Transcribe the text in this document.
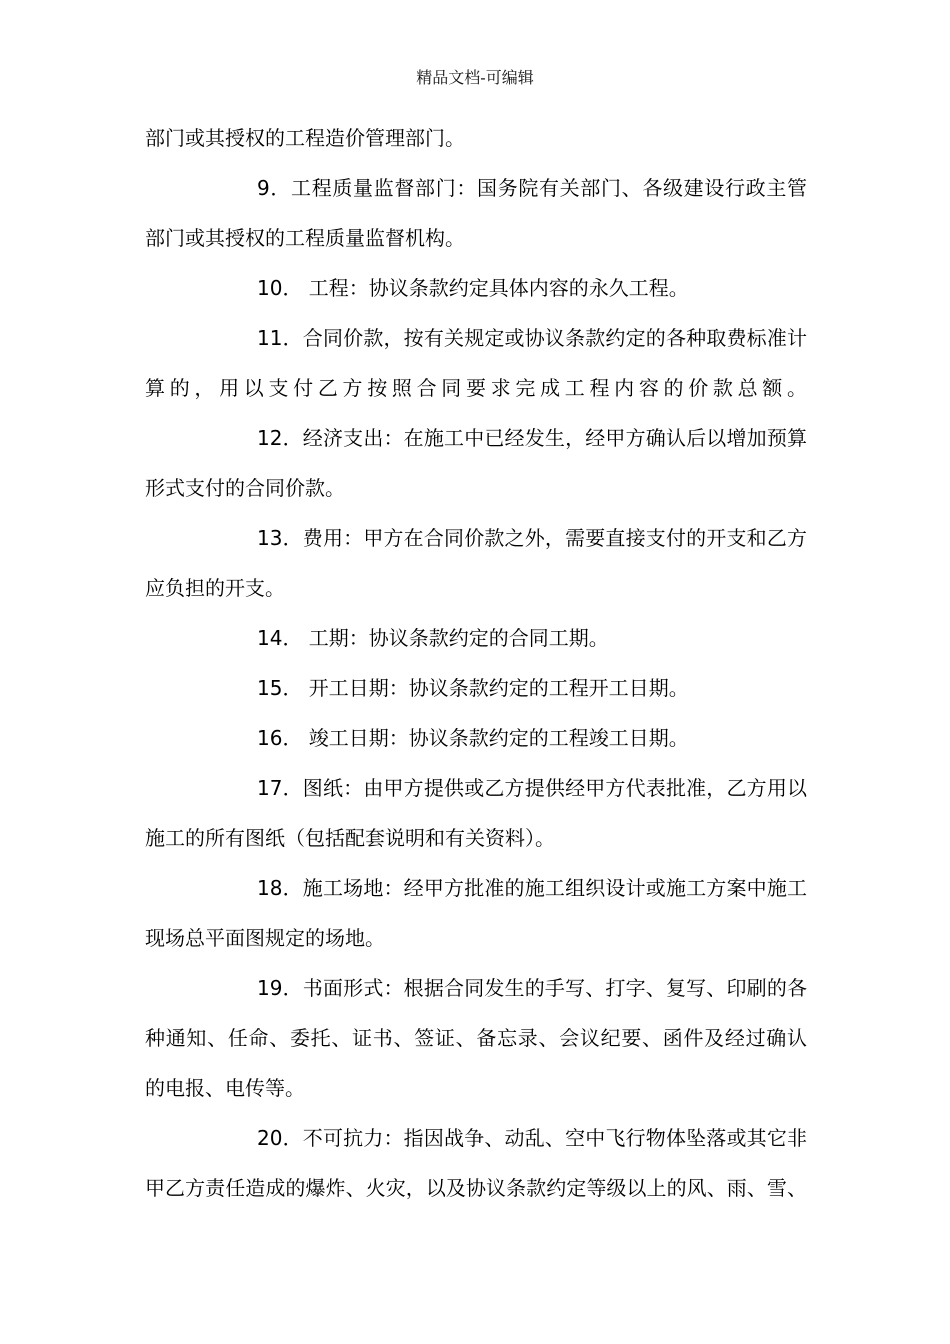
精品文档-可编辑
部门或其授权的工程造价管理部门。
9．工程质量监督部门：国务院有关部门、各级建设行政主管
部门或其授权的工程质量监督机构。
10． 工程：协议条款约定具体内容的永久工程。
11．合同价款，按有关规定或协议条款约定的各种取费标准计
算的，用以支付乙方按照合同要求完成工程内容的价款总额。
12．经济支出：在施工中已经发生，经甲方确认后以增加预算
形式支付的合同价款。
13．费用：甲方在合同价款之外，需要直接支付的开支和乙方
应负担的开支。
14． 工期：协议条款约定的合同工期。
15． 开工日期：协议条款约定的工程开工日期。
16． 竣工日期：协议条款约定的工程竣工日期。
17．图纸：由甲方提供或乙方提供经甲方代表批准，乙方用以
施工的所有图纸（包括配套说明和有关资料）。
18．施工场地：经甲方批准的施工组织设计或施工方案中施工
现场总平面图规定的场地。
19．书面形式：根据合同发生的手写、打字、复写、印刷的各
种通知、任命、委托、证书、签证、备忘录、会议纪要、函件及经过确认
的电报、电传等。
20．不可抗力：指因战争、动乱、空中飞行物体坠落或其它非
甲乙方责任造成的爆炸、火灾，以及协议条款约定等级以上的风、雨、雪、
